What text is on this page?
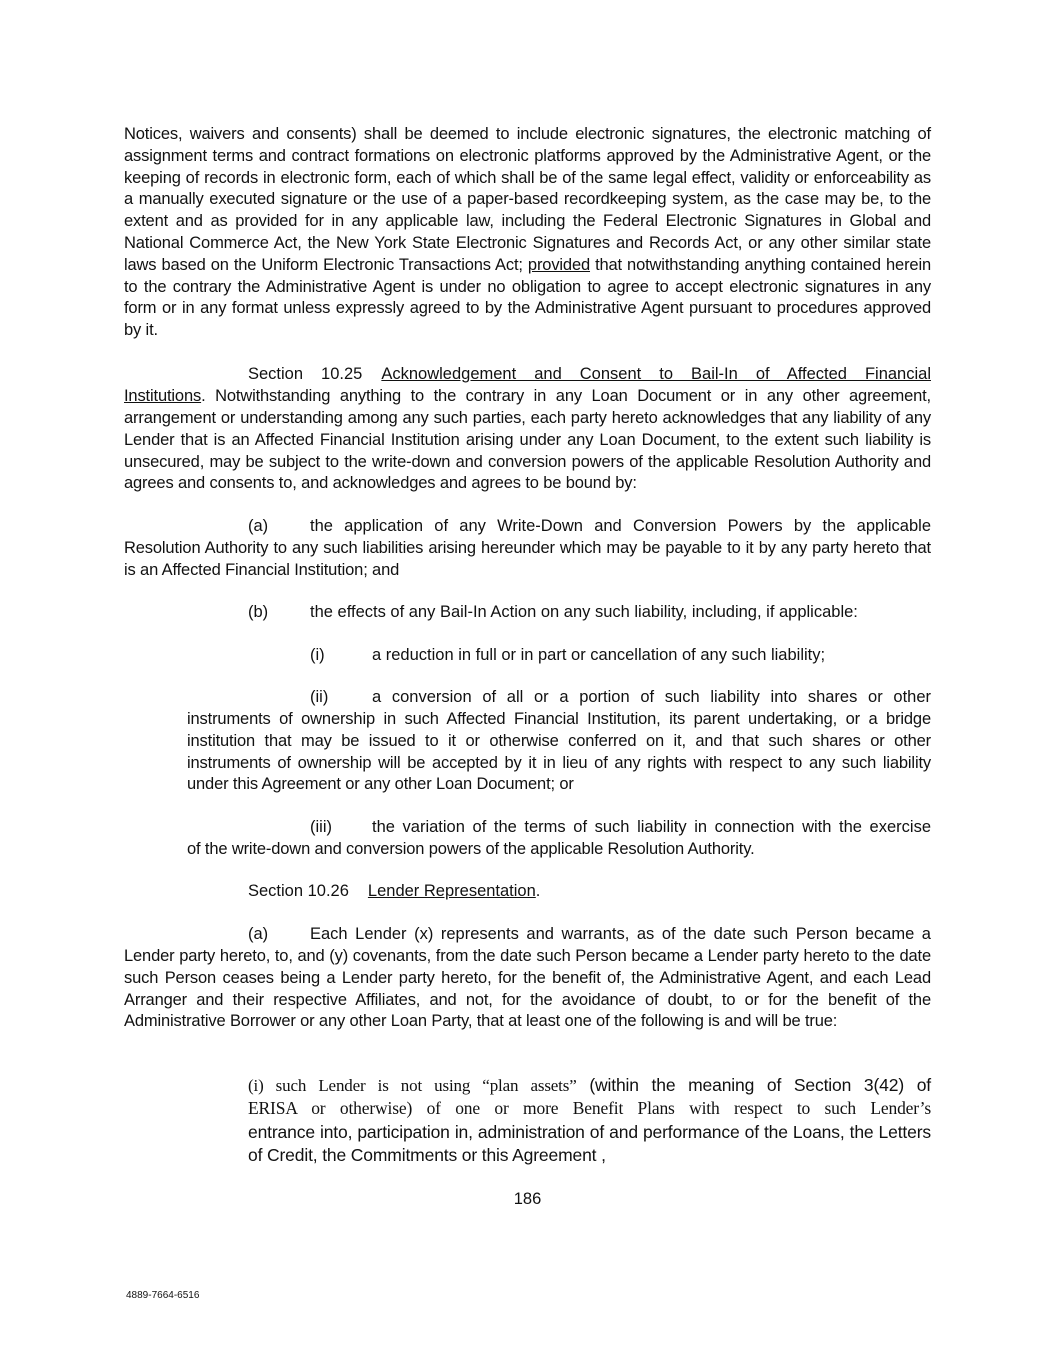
Notices, waivers and consents) shall be deemed to include electronic signatures, the electronic matching of assignment terms and contract formations on electronic platforms approved by the Administrative Agent, or the keeping of records in electronic form, each of which shall be of the same legal effect, validity or enforceability as a manually executed signature or the use of a paper-based recordkeeping system, as the case may be, to the extent and as provided for in any applicable law, including the Federal Electronic Signatures in Global and National Commerce Act, the New York State Electronic Signatures and Records Act, or any other similar state laws based on the Uniform Electronic Transactions Act; provided that notwithstanding anything contained herein to the contrary the Administrative Agent is under no obligation to agree to accept electronic signatures in any form or in any format unless expressly agreed to by the Administrative Agent pursuant to procedures approved by it.

Section 10.25 Acknowledgement and Consent to Bail-In of Affected Financial

Institutions. Notwithstanding anything to the contrary in any Loan Document or in any other agreement,

arrangement or understanding among any such parties, each party hereto acknowledges that any liability of any Lender that is an Affected Financial Institution arising under any Loan Document, to the extent such liability is unsecured, may be subject to the write-down and conversion powers of the applicable Resolution Authority and agrees and consents to, and acknowledges and agrees to be bound by:

(a)	the application of any Write-Down and Conversion Powers by the applicable

Resolution Authority to any such liabilities arising hereunder which may be payable to it by any party hereto that is an Affected Financial Institution; and

(b)	the effects of any Bail-In Action on any such liability, including, if applicable:

(i)	a reduction in full or in part or cancellation of any such liability;

(ii)	a conversion of all or a portion of such liability into shares or other

instruments of ownership in such Affected Financial Institution, its parent undertaking, or a bridge institution that may be issued to it or otherwise conferred on it, and that such shares or other instruments of ownership will be accepted by it in lieu of any rights with respect to any such liability under this Agreement or any other Loan Document; or

(iii) the variation of the terms of such liability in connection with the exercise

of the write-down and conversion powers of the applicable Resolution Authority.

Section 10.26 Lender Representation.

(a)	Each Lender (x) represents and warrants, as of the date such Person became a

Lender party hereto, to, and (y) covenants, from the date such Person became a Lender party hereto to the date such Person ceases being a Lender party hereto, for the benefit of, the Administrative Agent, and each Lead Arranger and their respective Affiliates, and not, for the avoidance of doubt, to or for the benefit of the Administrative Borrower or any other Loan Party, that at least one of the following is and will be true:

(i) such Lender is not using “plan assets” (within the meaning of Section 3(42) of

ERISA or otherwise) of one or more Benefit Plans with respect to such Lender’s

entrance into, participation in, administration of and performance of the Loans, the Letters of Credit, the Commitments or this Agreement ,

186
4889-7664-6516
